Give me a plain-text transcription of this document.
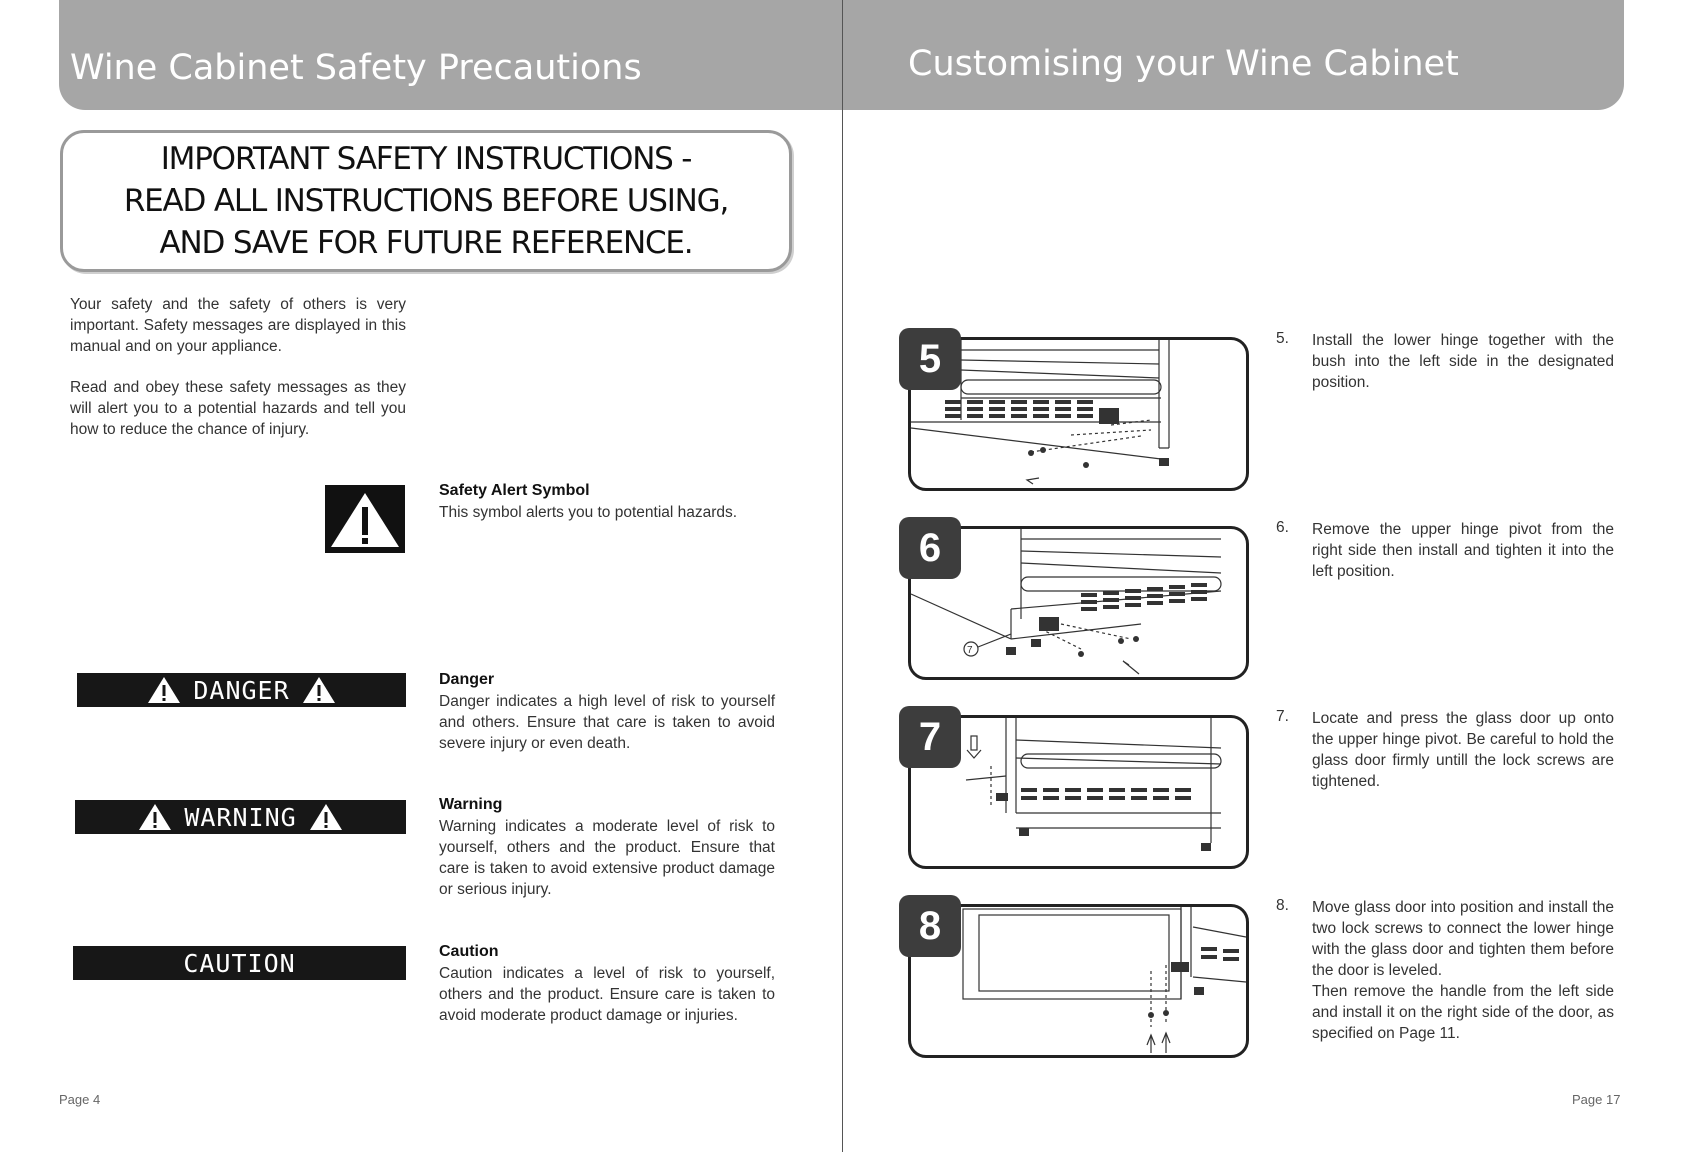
Wine Cabinet Safety Precautions	Customising your Wine Cabinet
IMPORTANT SAFETY INSTRUCTIONS -
READ ALL INSTRUCTIONS BEFORE USING,
AND SAVE FOR FUTURE REFERENCE.

Your safety and the safety of others is very important. Safety messages are displayed in this manual and on your appliance.

Read and obey these safety messages as they will alert you to a potential hazards and tell you how to reduce the chance of injury.

Safety Alert Symbol

This symbol alerts you to potential hazards.

DANGER	Danger

Danger indicates a high level of risk to yourself and others. Ensure that care is taken to avoid severe injury or even death.

WARNING	Warning

Warning indicates a moderate level of risk to yourself, others and the product. Ensure that care is taken to avoid extensive product damage or serious injury.

CAUTION	Caution

Caution indicates a level of risk to yourself, others and the product. Ensure care is taken to avoid moderate product damage or injuries.

Page 4
5	5. Install the lower hinge together with the bush into the left side in the designated position.

7
6	6. Remove the upper hinge pivot from the right side then install and tighten it into the left position.

7	7. Locate and press the glass door up onto the upper hinge pivot. Be careful to hold the glass door firmly untill the lock screws are tightened.

8	8. Move glass door into position and install the two lock screws to connect the lower hinge with the glass door and tighten them before the door is leveled.

Then remove the handle from the left side and install it on the right side of the door, as specified on Page 11.

Page 17
